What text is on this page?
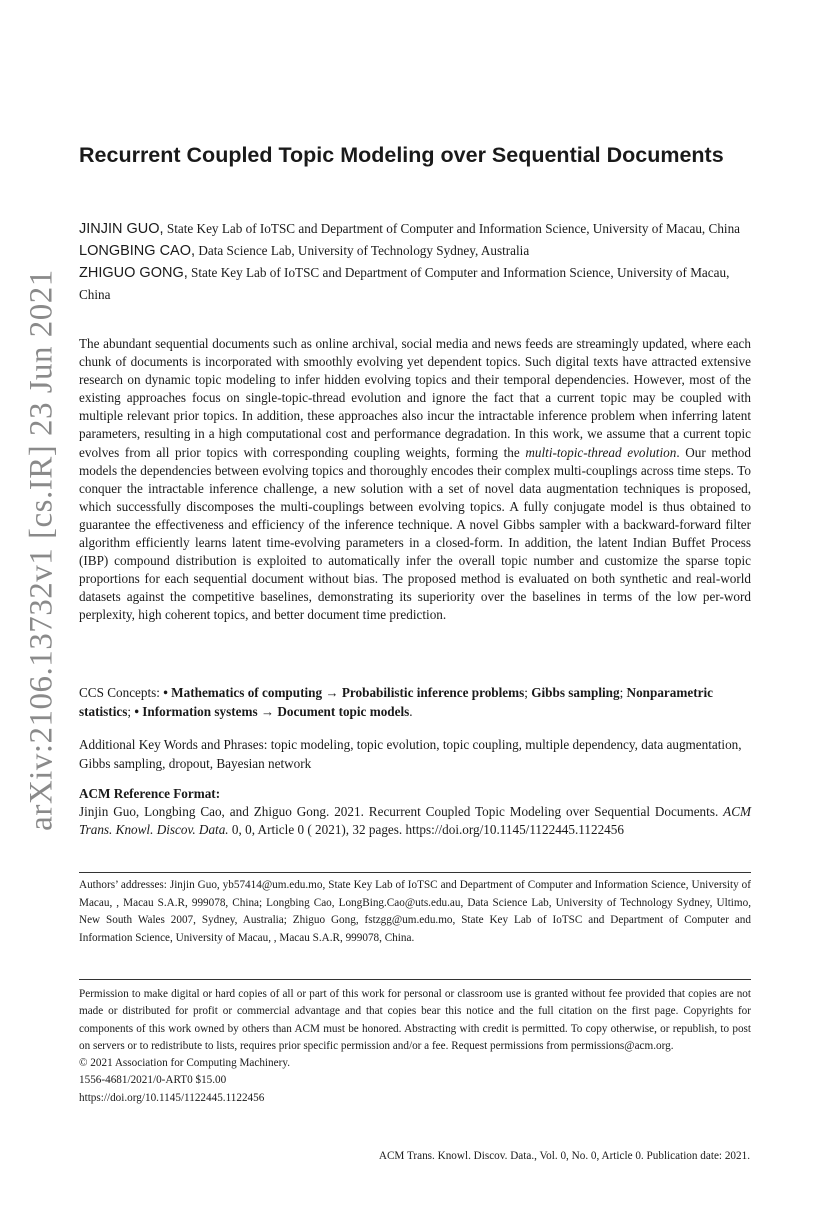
arXiv:2106.13732v1 [cs.IR] 23 Jun 2021
Recurrent Coupled Topic Modeling over Sequential Documents

JINJIN GUO, State Key Lab of IoTSC and Department of Computer and Information Science, University of Macau, China

LONGBING CAO, Data Science Lab, University of Technology Sydney, Australia

ZHIGUO GONG, State Key Lab of IoTSC and Department of Computer and Information Science, University of Macau, China

The abundant sequential documents such as online archival, social media and news feeds are streamingly updated, where each chunk of documents is incorporated with smoothly evolving yet dependent topics. Such digital texts have attracted extensive research on dynamic topic modeling to infer hidden evolving topics and their temporal dependencies. However, most of the existing approaches focus on single-topic-thread evolution and ignore the fact that a current topic may be coupled with multiple relevant prior topics. In addition, these approaches also incur the intractable inference problem when inferring latent parameters, resulting in a high computational cost and performance degradation. In this work, we assume that a current topic evolves from all prior topics with corresponding coupling weights, forming the multi-topic-thread evolution. Our method models the dependencies between evolving topics and thoroughly encodes their complex multi-couplings across time steps. To conquer the intractable inference challenge, a new solution with a set of novel data augmentation techniques is proposed, which successfully discomposes the multi-couplings between evolving topics. A fully conjugate model is thus obtained to guarantee the effectiveness and efficiency of the inference technique. A novel Gibbs sampler with a backward-forward filter algorithm efficiently learns latent time-evolving parameters in a closed-form. In addition, the latent Indian Buffet Process (IBP) compound distribution is exploited to automatically infer the overall topic number and customize the sparse topic proportions for each sequential document without bias. The proposed method is evaluated on both synthetic and real-world datasets against the competitive baselines, demonstrating its superiority over the baselines in terms of the low per-word perplexity, high coherent topics, and better document time prediction.

CCS Concepts: • Mathematics of computing → Probabilistic inference problems; Gibbs sampling; Nonparametric statistics; • Information systems → Document topic models.

Additional Key Words and Phrases: topic modeling, topic evolution, topic coupling, multiple dependency, data augmentation, Gibbs sampling, dropout, Bayesian network

ACM Reference Format:

Jinjin Guo, Longbing Cao, and Zhiguo Gong. 2021. Recurrent Coupled Topic Modeling over Sequential Documents. ACM Trans. Knowl. Discov. Data. 0, 0, Article 0 ( 2021), 32 pages. https://doi.org/10.1145/1122445.1122456

Authors’ addresses: Jinjin Guo, yb57414@um.edu.mo, State Key Lab of IoTSC and Department of Computer and Information Science, University of Macau, , Macau S.A.R, 999078, China; Longbing Cao, LongBing.Cao@uts.edu.au, Data Science Lab, University of Technology Sydney, Ultimo, New South Wales 2007, Sydney, Australia; Zhiguo Gong, fstzgg@um.edu.mo, State Key Lab of IoTSC and Department of Computer and Information Science, University of Macau, , Macau S.A.R, 999078, China.

Permission to make digital or hard copies of all or part of this work for personal or classroom use is granted without fee provided that copies are not made or distributed for profit or commercial advantage and that copies bear this notice and the full citation on the first page. Copyrights for components of this work owned by others than ACM must be honored. Abstracting with credit is permitted. To copy otherwise, or republish, to post on servers or to redistribute to lists, requires prior specific permission and/or a fee. Request permissions from permissions@acm.org.

© 2021 Association for Computing Machinery.

1556-4681/2021/0-ART0 $15.00

https://doi.org/10.1145/1122445.1122456

ACM Trans. Knowl. Discov. Data., Vol. 0, No. 0, Article 0. Publication date: 2021.
